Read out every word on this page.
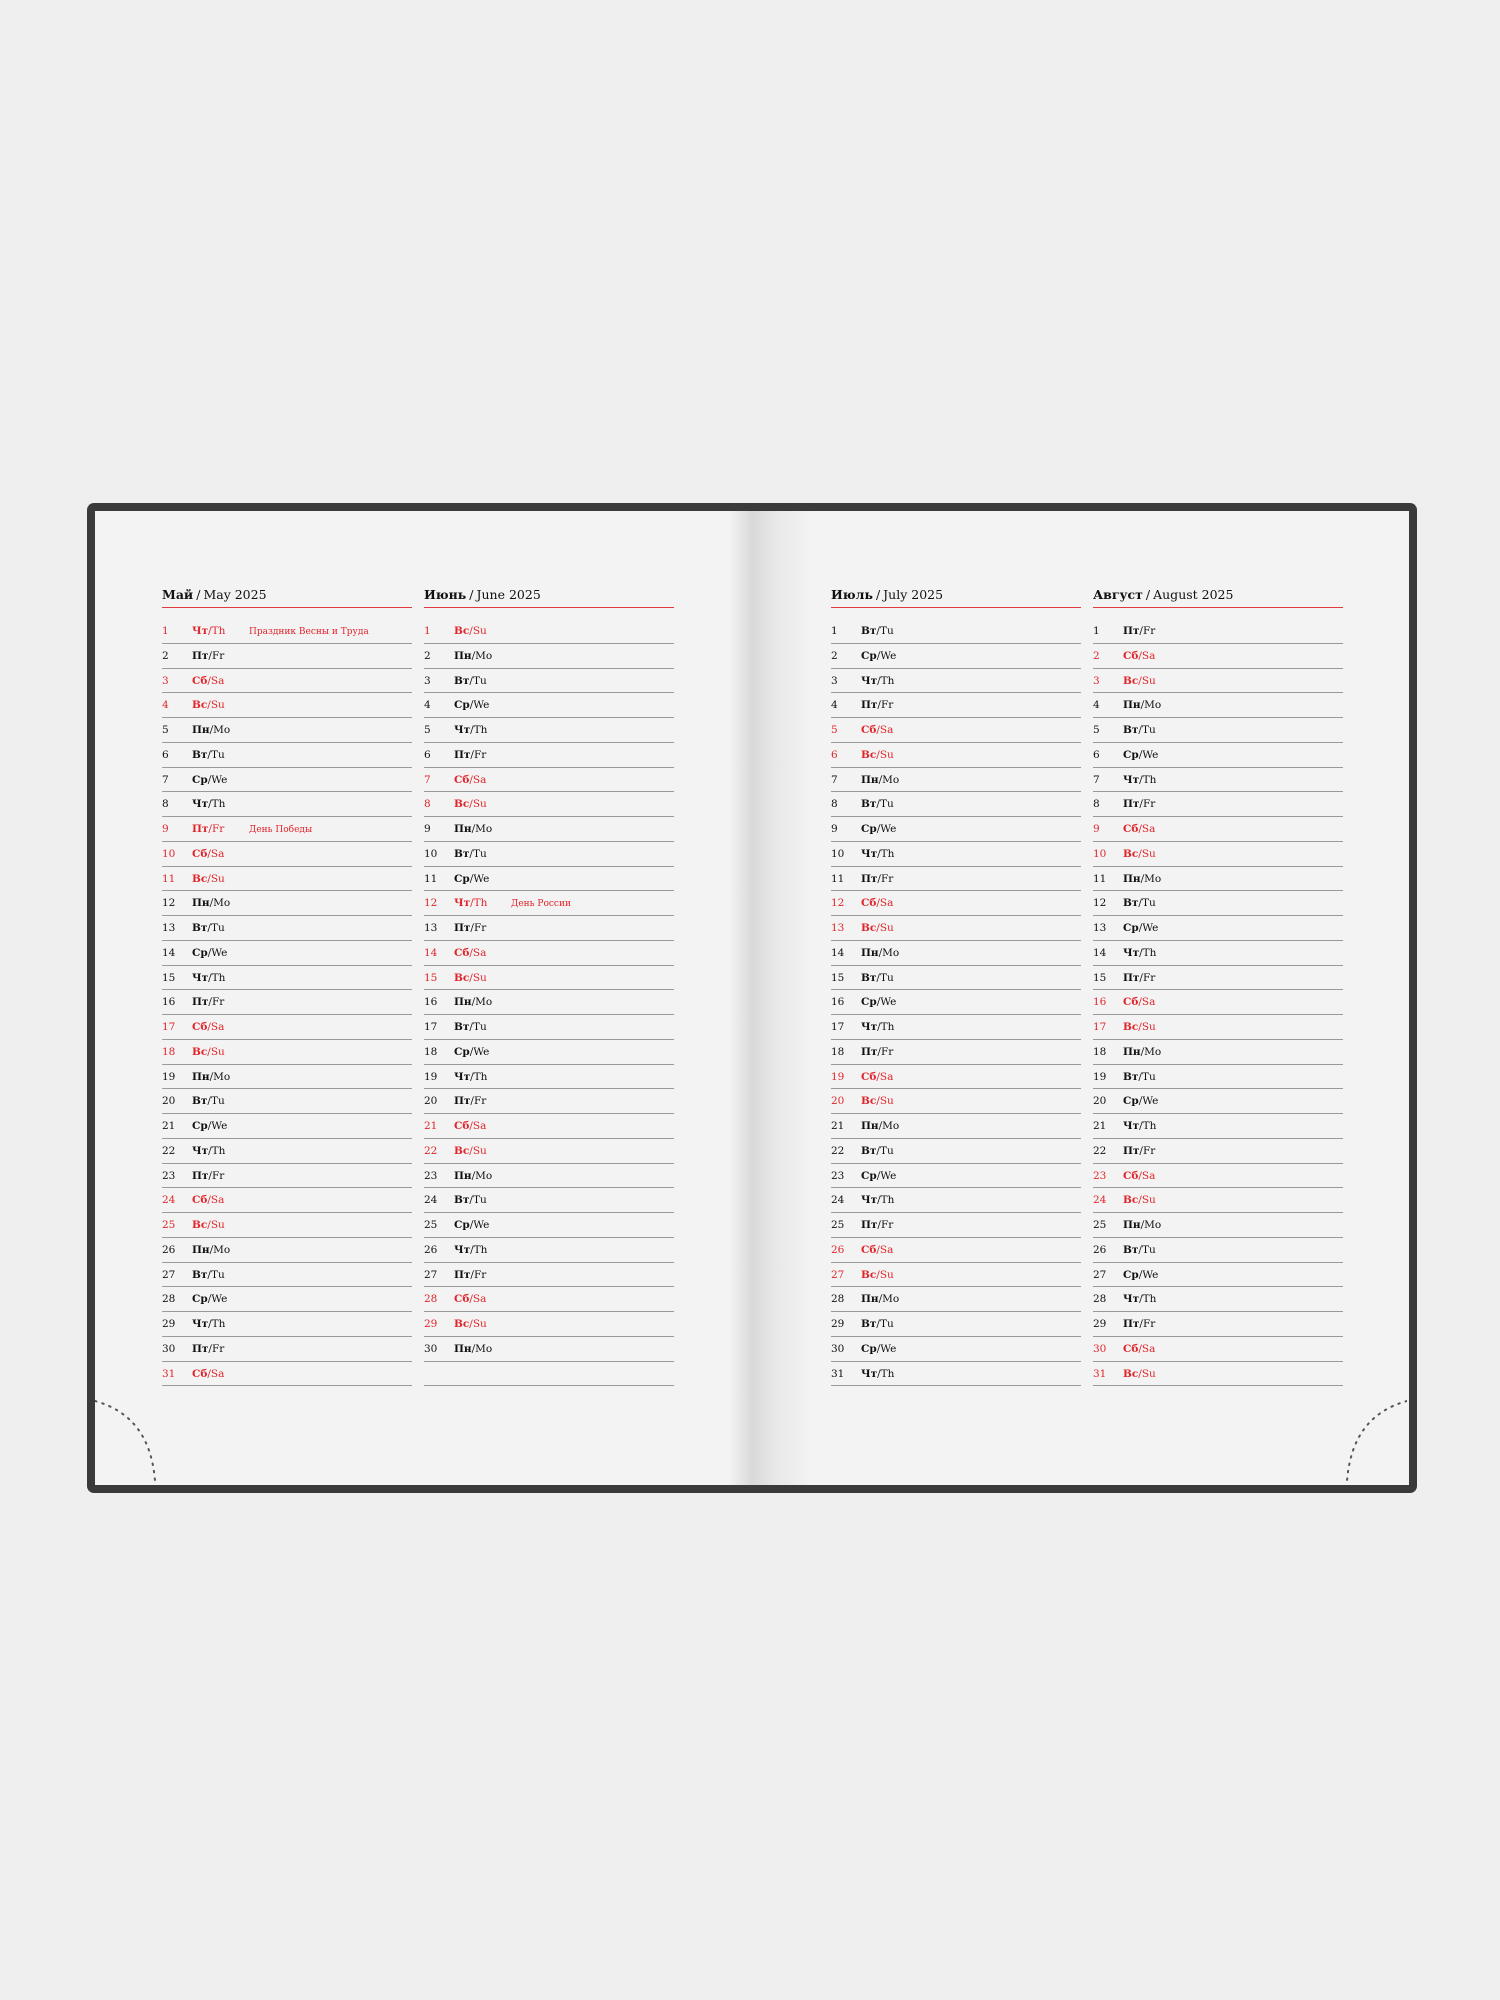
Май / May 2025
1	Чт/Th	Праздник Весны и Труда
2	Пт/Fr
3	Сб/Sa
4	Вс/Su
5	Пн/Mo
6	Вт/Tu
7	Ср/We
8	Чт/Th
9	Пт/Fr	День Победы
10	Сб/Sa
11	Вс/Su
12	Пн/Mo
13	Вт/Tu
14	Ср/We
15	Чт/Th
16	Пт/Fr
17	Сб/Sa
18	Вс/Su
19	Пн/Mo
20	Вт/Tu
21	Ср/We
22	Чт/Th
23	Пт/Fr
24	Сб/Sa
25	Вс/Su
26	Пн/Mo
27	Вт/Tu
28	Ср/We
29	Чт/Th
30	Пт/Fr
31	Сб/Sa
Июнь / June 2025
1	Вс/Su
2	Пн/Mo
3	Вт/Tu
4	Ср/We
5	Чт/Th
6	Пт/Fr
7	Сб/Sa
8	Вс/Su
9	Пн/Mo
10	Вт/Tu
11	Ср/We
12	Чт/Th	День России
13	Пт/Fr
14	Сб/Sa
15	Вс/Su
16	Пн/Mo
17	Вт/Tu
18	Ср/We
19	Чт/Th
20	Пт/Fr
21	Сб/Sa
22	Вс/Su
23	Пн/Mo
24	Вт/Tu
25	Ср/We
26	Чт/Th
27	Пт/Fr
28	Сб/Sa
29	Вс/Su
30	Пн/Mo
Июль / July 2025
1	Вт/Tu
2	Ср/We
3	Чт/Th
4	Пт/Fr
5	Сб/Sa
6	Вс/Su
7	Пн/Mo
8	Вт/Tu
9	Ср/We
10	Чт/Th
11	Пт/Fr
12	Сб/Sa
13	Вс/Su
14	Пн/Mo
15	Вт/Tu
16	Ср/We
17	Чт/Th
18	Пт/Fr
19	Сб/Sa
20	Вс/Su
21	Пн/Mo
22	Вт/Tu
23	Ср/We
24	Чт/Th
25	Пт/Fr
26	Сб/Sa
27	Вс/Su
28	Пн/Mo
29	Вт/Tu
30	Ср/We
31	Чт/Th
Август / August 2025
1	Пт/Fr
2	Сб/Sa
3	Вс/Su
4	Пн/Mo
5	Вт/Tu
6	Ср/We
7	Чт/Th
8	Пт/Fr
9	Сб/Sa
10	Вс/Su
11	Пн/Mo
12	Вт/Tu
13	Ср/We
14	Чт/Th
15	Пт/Fr
16	Сб/Sa
17	Вс/Su
18	Пн/Mo
19	Вт/Tu
20	Ср/We
21	Чт/Th
22	Пт/Fr
23	Сб/Sa
24	Вс/Su
25	Пн/Mo
26	Вт/Tu
27	Ср/We
28	Чт/Th
29	Пт/Fr
30	Сб/Sa
31	Вс/Su
